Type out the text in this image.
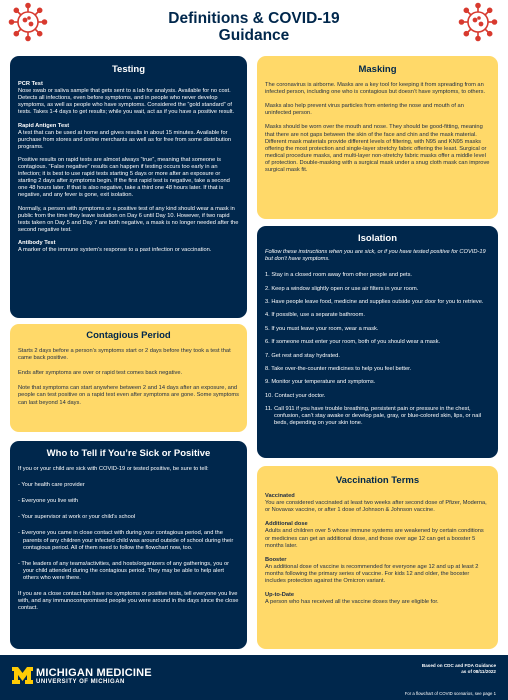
Definitions & COVID-19
Guidance
Testing

PCR Test

Nose swab or saliva sample that gets sent to a lab for analysis. Available for no cost. Detects all infections, even before symptoms, and in people who never develop symptoms, as well as people who have symptoms. Considered the “gold standard” of tests. Takes 1-4 days to get results; while you wait, act as if you have a positive result.

Rapid Antigen Test

A test that can be used at home and gives results in about 15 minutes. Available for purchase from stores and online merchants as well as for free from some distribution programs.

Positive results on rapid tests are almost always “true”, meaning that someone is contagious. “False negative” results can happen if testing occurs too early in an infection; it is best to use rapid tests starting 5 days or more after an exposure or starting 2 days after symptoms begin. If the first rapid test is negative, take a second one 48 hours later. If that is also negative, take a third one 48 hours later. If that is negative, and any fever is gone, exit isolation.

Normally, a person with symptoms or a positive test of any kind should wear a mask in public from the time they leave isolation on Day 6 until Day 10. However, if two rapid tests taken on Day 5 and Day 7 are both negative, a mask is no longer needed after the second negative test.

Antibody Test

A marker of the immune system’s response to a past infection or vaccination.

Masking

The coronavirus is airborne. Masks are a key tool for keeping it from spreading from an infected person, including one who is contagious but doesn’t have symptoms, to others.

Masks also help prevent virus particles from entering the nose and mouth of an uninfected person.

Masks should be worn over the mouth and nose. They should be good-fitting, meaning that there are not gaps between the skin of the face and chin and the mask material. Different mask materials provide different levels of filtering, with N95 and KN95 masks offering the most protection and single-layer stretchy fabric offering the least. Surgical or medical procedure masks, and multi-layer non-stretchy fabric masks offer a middle level of protection. Double-masking with a surgical mask under a snug cloth mask can improve surgical mask fit.

Isolation

Follow these instructions when you are sick, or if you have tested positive for COVID-19 but don’t have symptoms.

1. Stay in a closed room away from other people and pets.
2. Keep a window slightly open or use air filters in your room.
3. Have people leave food, medicine and supplies outside your door for you to retrieve.
4. If possible, use a separate bathroom.
5. If you must leave your room, wear a mask.
6. If someone must enter your room, both of you should wear a mask.
7. Get rest and stay hydrated.
8. Take over-the-counter medicines to help you feel better.
9. Monitor your temperature and symptoms.
10. Contact your doctor.
11. Call 911 if you have trouble breathing, persistent pain or pressure in the chest, confusion, can’t stay awake or develop pale, gray, or blue-colored skin, lips, or nail beds, depending on your skin tone.
Contagious Period

Starts 2 days before a person’s symptoms start or 2 days before they took a test that came back positive.

Ends after symptoms are over or rapid test comes back negative.

Note that symptoms can start anywhere between 2 and 14 days after an exposure, and people can test positive on a rapid test even after symptoms are gone. Some symptoms can last beyond 14 days.

Who to Tell if You’re Sick or Positive

If you or your child are sick with COVID-19 or tested positive, be sure to tell:

- Your health care provider

- Everyone you live with

- Your supervisor at work or your child’s school

- Everyone you came in close contact with during your contagious period, and the parents of any children your infected child was around outside of school during their contagious period. All of them need to follow the flowchart now, too.

- The leaders of any teams/activities, and hosts/organizers of any gatherings, you or your child attended during the contagious period. They may be able to help alert others who were there.

If you are a close contact but have no symptoms or positive tests, tell everyone you live with, and any immunocompromised people you were around in the days since the close contact.

Vaccination Terms

Vaccinated

You are considered vaccinated at least two weeks after second dose of Pfizer, Moderna, or Novavax vaccine, or after 1 dose of Johnson & Johnson vaccine.

Additional dose

Adults and children over 5 whose immune systems are weakened by certain conditions or medicines can get an additional dose, and those over age 12 can get a booster 5 months later.

Booster

An additional dose of vaccine is recommended for everyone age 12 and up at least 2 months following the primary series of vaccine. For kids 12 and older, the booster includes protection against the Omicron variant.

Up-to-Date

A person who has received all the vaccine doses they are eligible for.

MICHIGAN MEDICINE
UNIVERSITY OF MICHIGAN
Based on CDC and FDA Guidance
as of 08/11/2022
For a flowchart of COVID scenarios, see page 1
